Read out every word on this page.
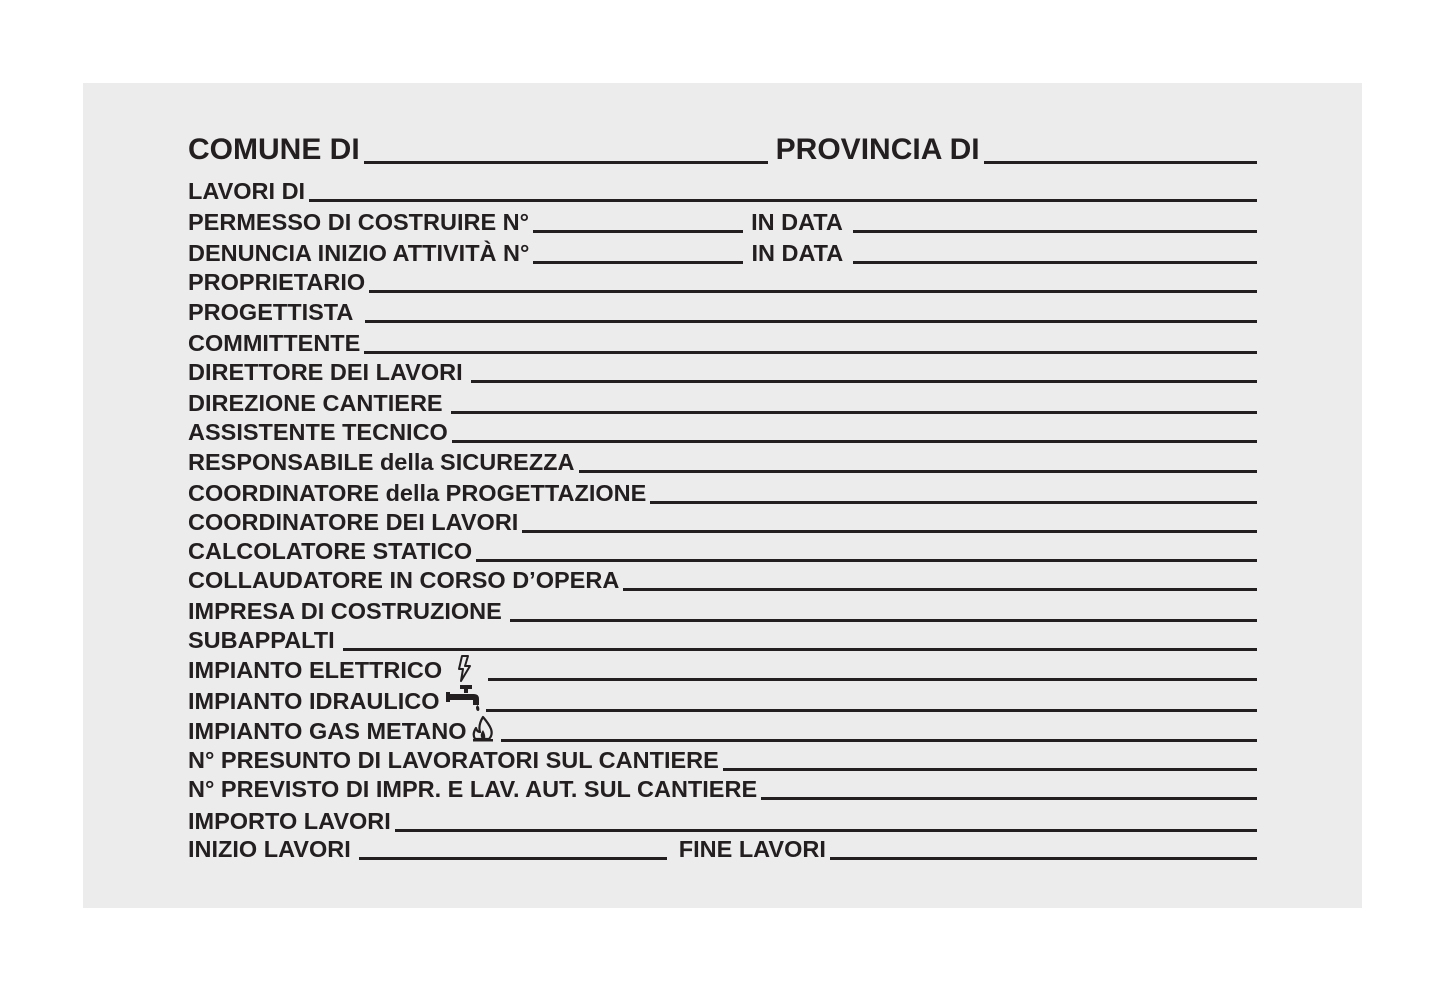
COMUNE DI	PROVINCIA DI
LAVORI DI
PERMESSO DI COSTRUIRE N°	IN DATA
DENUNCIA INIZIO ATTIVITÀ N°	IN DATA
PROPRIETARIO
PROGETTISTA
COMMITTENTE
DIRETTORE DEI LAVORI
DIREZIONE CANTIERE
ASSISTENTE TECNICO
RESPONSABILE della SICUREZZA
COORDINATORE della PROGETTAZIONE
COORDINATORE DEI LAVORI
CALCOLATORE STATICO
COLLAUDATORE IN CORSO D’OPERA
IMPRESA DI COSTRUZIONE
SUBAPPALTI
IMPIANTO ELETTRICO
IMPIANTO IDRAULICO
IMPIANTO GAS METANO
N° PRESUNTO DI LAVORATORI SUL CANTIERE
N° PREVISTO DI IMPR. E LAV. AUT. SUL CANTIERE
IMPORTO LAVORI
INIZIO LAVORI	FINE LAVORI
